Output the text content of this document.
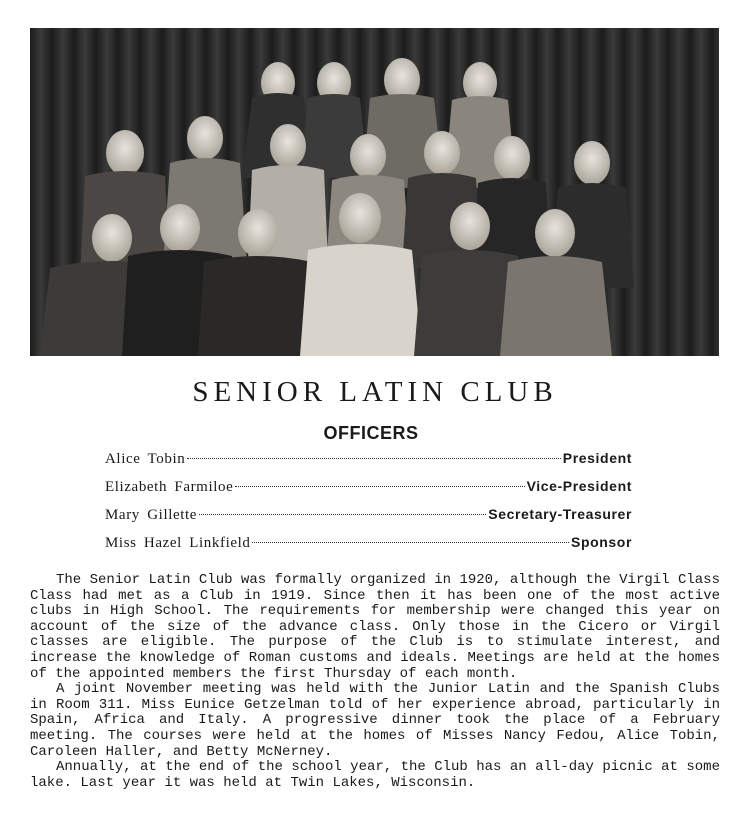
SENIOR LATIN CLUB
OFFICERS
Alice Tobin	President
Elizabeth Farmiloe	Vice-President
Mary Gillette	Secretary-Treasurer
Miss Hazel Linkfield	Sponsor

The Senior Latin Club was formally organized in 1920, although the Virgil Class Class had met as a Club in 1919. Since then it has been one of the most active clubs in High School. The requirements for membership were changed this year on account of the size of the advance class. Only those in the Cicero or Virgil classes are eligible. The purpose of the Club is to stimulate interest, and increase the knowledge of Roman customs and ideals. Meetings are held at the homes of the appointed members the first Thursday of each month.

A joint November meeting was held with the Junior Latin and the Spanish Clubs in Room 311. Miss Eunice Getzelman told of her experience abroad, particularly in Spain, Africa and Italy. A progressive dinner took the place of a February meeting. The courses were held at the homes of Misses Nancy Fedou, Alice Tobin, Caroleen Haller, and Betty McNerney.

Annually, at the end of the school year, the Club has an all-day picnic at some lake. Last year it was held at Twin Lakes, Wisconsin.
